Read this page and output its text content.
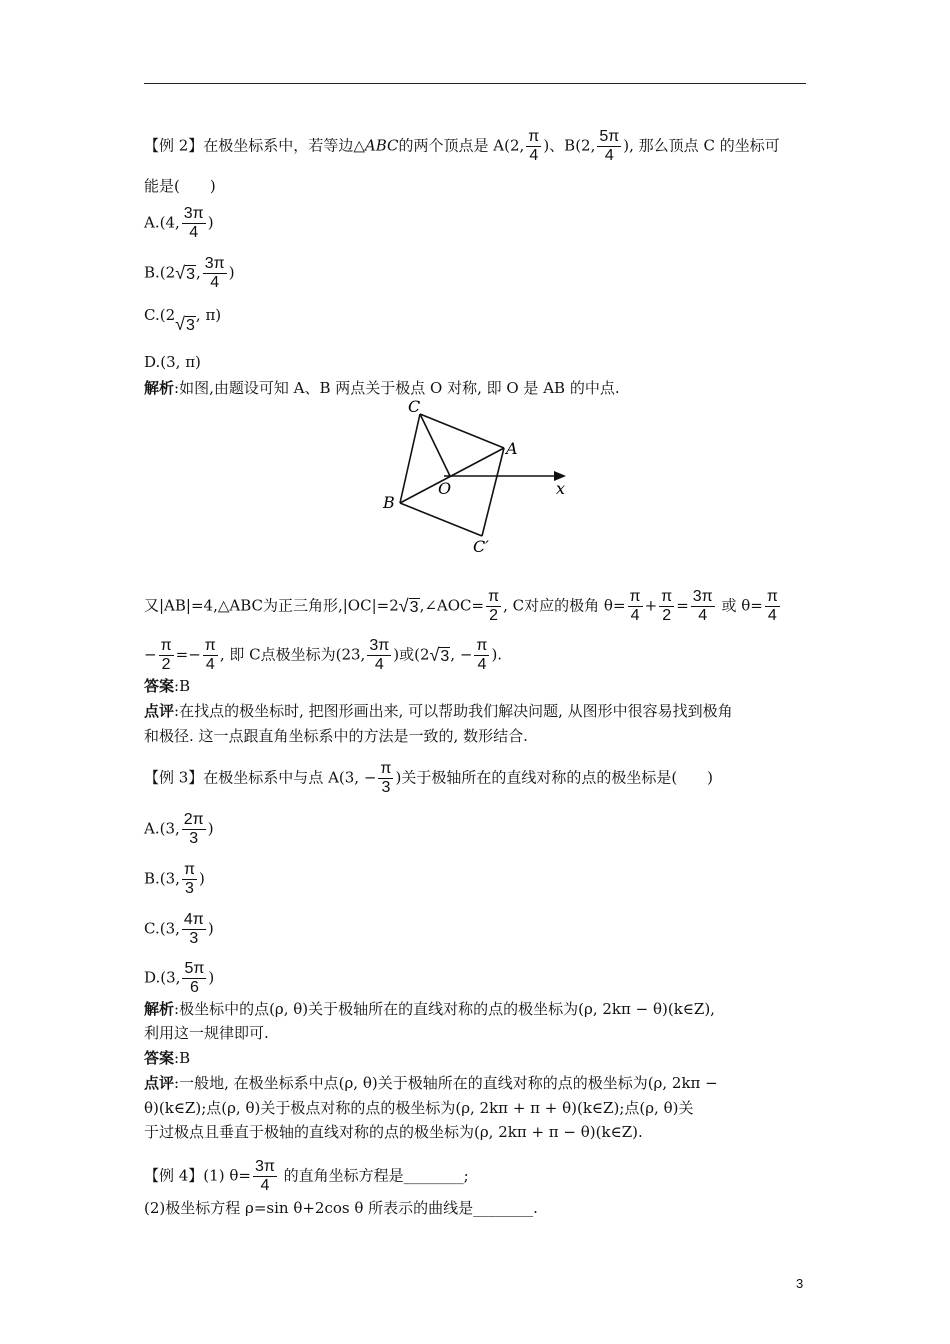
【例 2】在极坐标系中，若等边△ABC的两个顶点是 A(2, $\frac{\pi}{4}$ )、B(2, $\frac{5\pi}{4}$ ), 那么顶点 C 的坐标可
能是(　　)
A.(4, $\frac{3\pi}{4}$ )
B.(2√3, $\frac{3\pi}{4}$ )
C.(2√3, π)
D.(3, π)
解析:如图,由题设可知 A、B 两点关于极点 O 对称, 即 O 是 AB 的中点.
C
A
O	x
B
C′
又|AB|=4,△ABC为正三角形,|OC|=2√3,∠AOC= $\frac{\pi}{2}$ , C对应的极角 $\theta= \frac{\pi}{4} + \frac{\pi}{2} = \frac{3\pi}{4}$ 或 $\theta= \frac{\pi}{4}$
− $\frac{\pi}{2} =- \frac{\pi}{4}$ , 即 C点极坐标为(23, $\frac{3\pi}{4}$ )或(2√3, − $\frac{\pi}{4}$ ).
答案:B
点评:在找点的极坐标时, 把图形画出来, 可以帮助我们解决问题, 从图形中很容易找到极角
和极径. 这一点跟直角坐标系中的方法是一致的, 数形结合.
【例 3】在极坐标系中与点 A(3, − $\frac{\pi}{3}$ )关于极轴所在的直线对称的点的极坐标是(　　)
A.(3, $\frac{2\pi}{3}$ )
B.(3, $\frac{\pi}{3}$ )
C.(3, $\frac{4\pi}{3}$ )
D.(3, $\frac{5\pi}{6}$ )
解析:极坐标中的点(ρ, θ)关于极轴所在的直线对称的点的极坐标为(ρ, 2kπ − θ)(k∈Z),
利用这一规律即可.
答案:B
点评:一般地, 在极坐标系中点(ρ, θ)关于极轴所在的直线对称的点的极坐标为(ρ, 2kπ −
θ)(k∈Z);点(ρ, θ)关于极点对称的点的极坐标为(ρ, 2kπ + π + θ)(k∈Z);点(ρ, θ)关
于过极点且垂直于极轴的直线对称的点的极坐标为(ρ, 2kπ + π − θ)(k∈Z).
【例 4】(1) $\theta= \frac{3\pi}{4}$ 的直角坐标方程是________;
(2)极坐标方程 ρ=sin θ+2cos θ 所表示的曲线是________.
3
